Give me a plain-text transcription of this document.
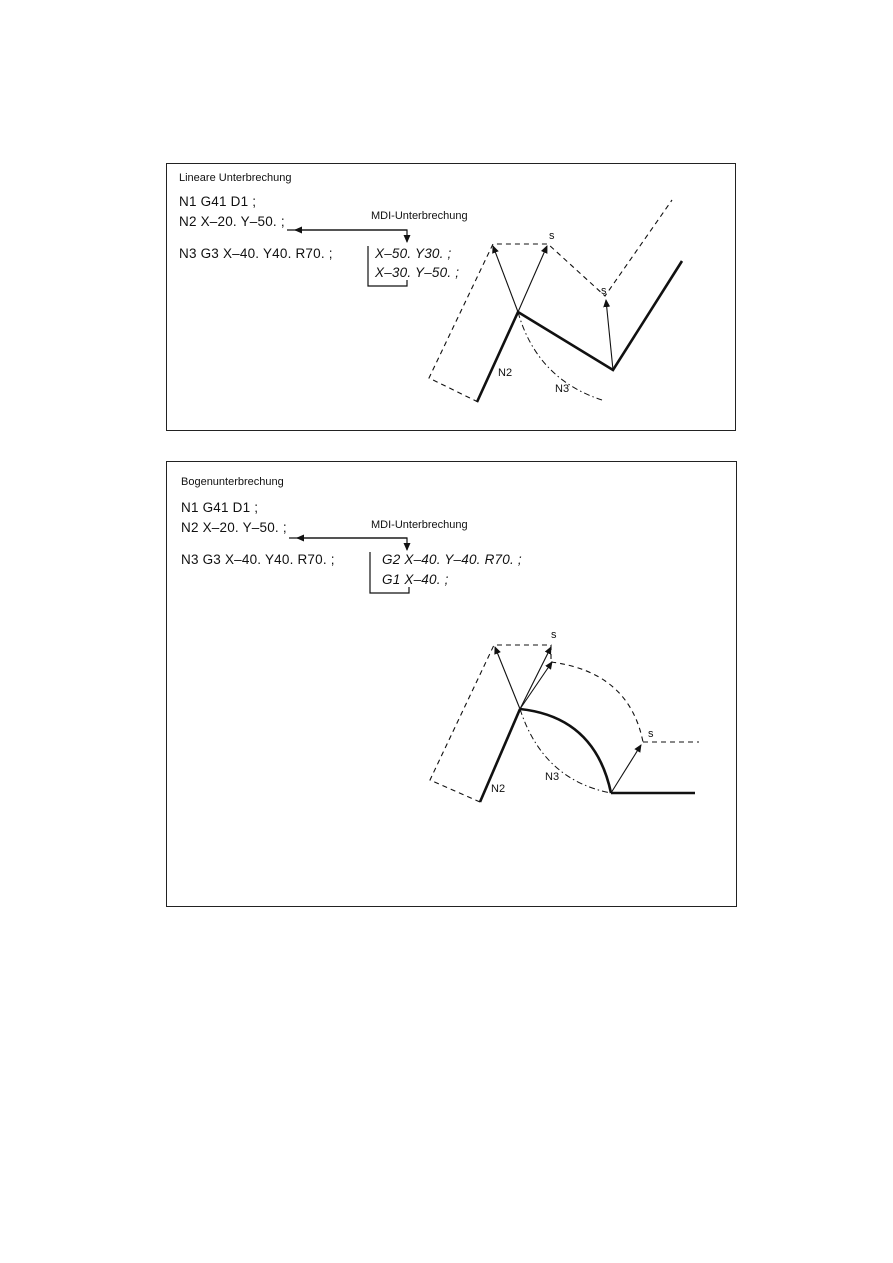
Lineare Unterbrechung
N1 G41 D1 ;
N2 X–20. Y–50. ;
N3 G3 X–40. Y40. R70. ;
MDI-Unterbrechung
X–50. Y30. ;
X–30. Y–50. ;
s
s
N2
N3
Bogenunterbrechung
N1 G41 D1 ;
N2 X–20. Y–50. ;
N3 G3 X–40. Y40. R70. ;
MDI-Unterbrechung
G2 X–40. Y–40. R70. ;
G1 X–40. ;
s
s
N2
N3
